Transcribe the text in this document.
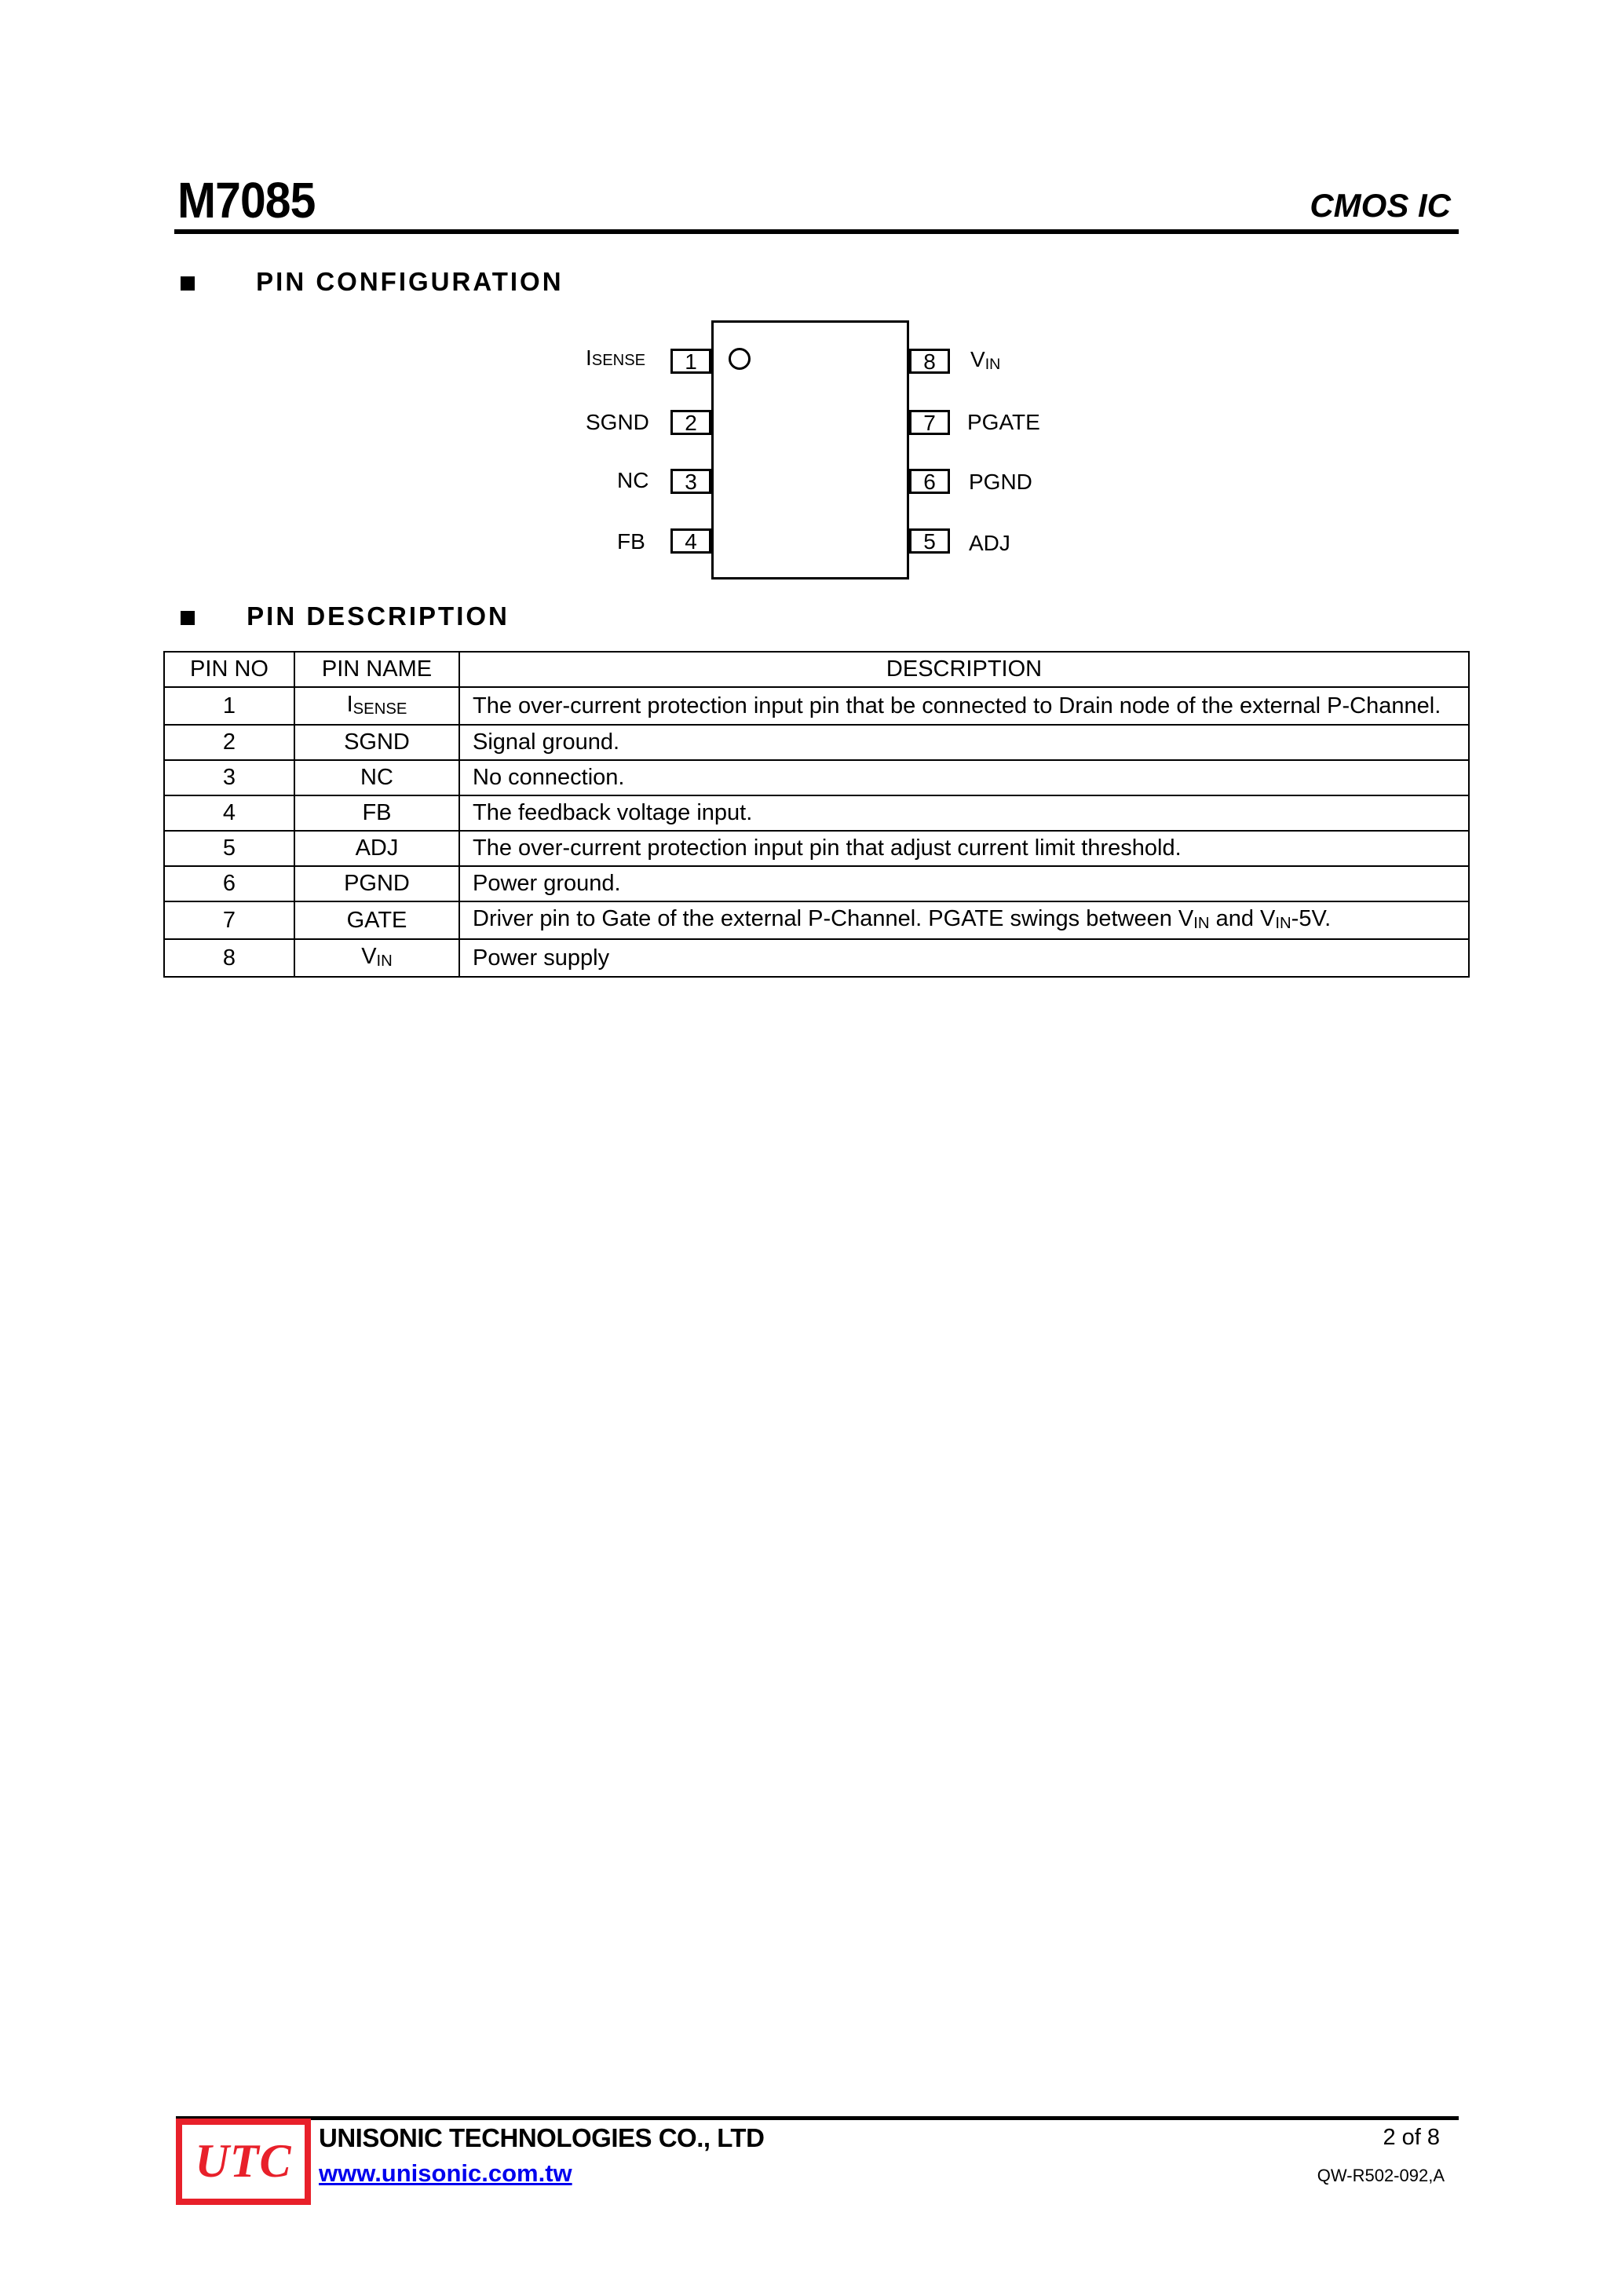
M7085	CMOS IC
PIN CONFIGURATION
1
ISENSE
2
SGND
3
NC
4
FB
8	$V_{IN}$
7	PGATE
6	PGND
5	ADJ
PIN DESCRIPTION
PIN NO	PIN NAME	DESCRIPTION
1	$I_{SENSE}$	The over-current protection input pin that be connected to Drain node of the external P-Channel.
2	SGND	Signal ground.
3	NC	No connection.
4	FB	The feedback voltage input.
5	ADJ	The over-current protection input pin that adjust current limit threshold.
6	PGND	Power ground.
7	GATE	Driver pin to Gate of the external P-Channel. PGATE swings between $V_{IN}$ and $V_{IN}-5V$.
8	$V_{IN}$	Power supply
UTC	UNISONIC TECHNOLOGIES CO., LTD
www.unisonic.com.tw
2 of 8
QW-R502-092,A
